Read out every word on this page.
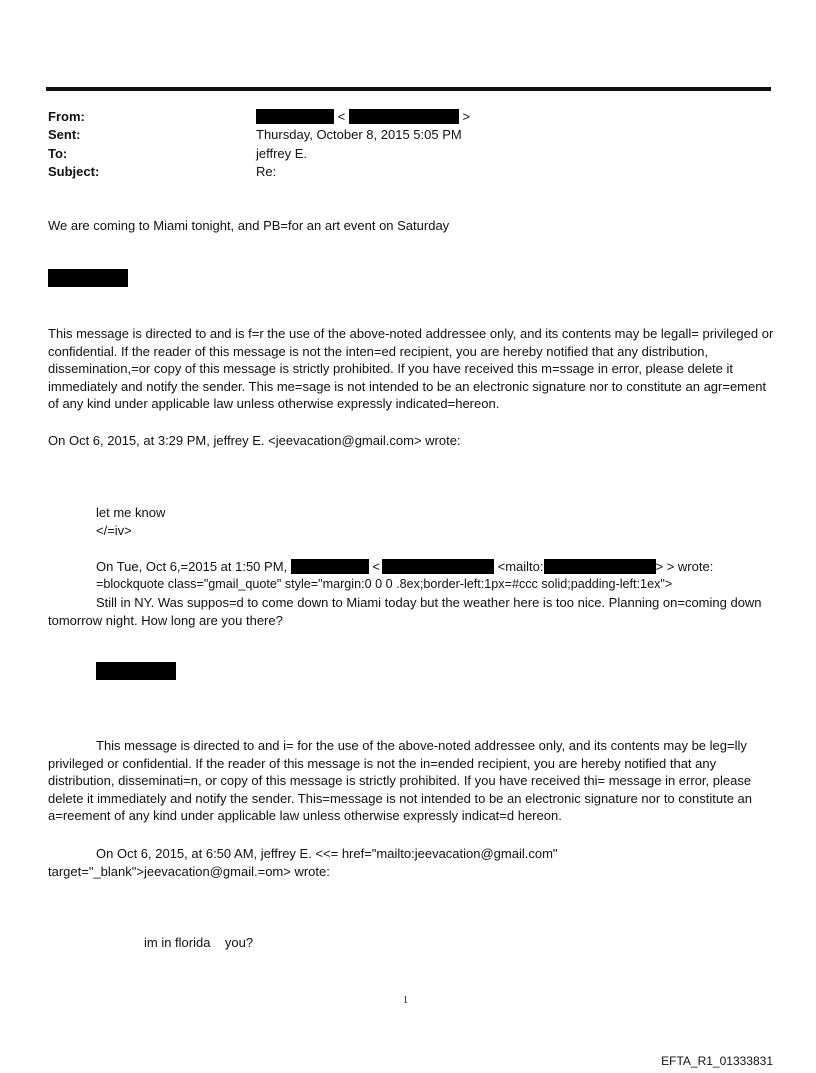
From:	<	>
Sent:	Thursday, October 8, 2015 5:05 PM
To:	jeffrey E.
Subject:	Re:
We are coming to Miami tonight, and PB=for an art event on Saturday
This message is directed to and is f=r the use of the above-noted addressee only, and its contents may be legall= privileged or confidential. If the reader of this message is not the inten=ed recipient, you are hereby notified that any distribution, dissemination,=or copy of this message is strictly prohibited. If you have received this m=ssage in error, please delete it immediately and notify the sender. This me=sage is not intended to be an electronic signature nor to constitute an agr=ement of any kind under applicable law unless otherwise expressly indicated=hereon.
On Oct 6, 2015, at 3:29 PM, jeffrey E. <jeevacation@gmail.com> wrote:
let me know
</=iv>
On Tue, Oct 6,=2015 at 1:50 PM,	<	<mailto:	> > wrote:
=blockquote class="gmail_quote" style="margin:0 0 0 .8ex;border-left:1px=#ccc solid;padding-left:1ex">
Still in NY. Was suppos=d to come down to Miami today but the weather here is too nice. Planning on=coming down tomorrow night. How long are you there?
This message is directed to and i= for the use of the above-noted addressee only, and its contents may be leg=lly privileged or confidential. If the reader of this message is not the in=ended recipient, you are hereby notified that any distribution, disseminati=n, or copy of this message is strictly prohibited. If you have received thi= message in error, please delete it immediately and notify the sender. This=message is not intended to be an electronic signature nor to constitute an a=reement of any kind under applicable law unless otherwise expressly indicat=d hereon.
On Oct 6, 2015, at 6:50 AM, jeffrey E. <<= href="mailto:jeevacation@gmail.com" target="_blank">jeevacation@gmail.=om> wrote:
im in florida    you?
1
EFTA_R1_01333831
